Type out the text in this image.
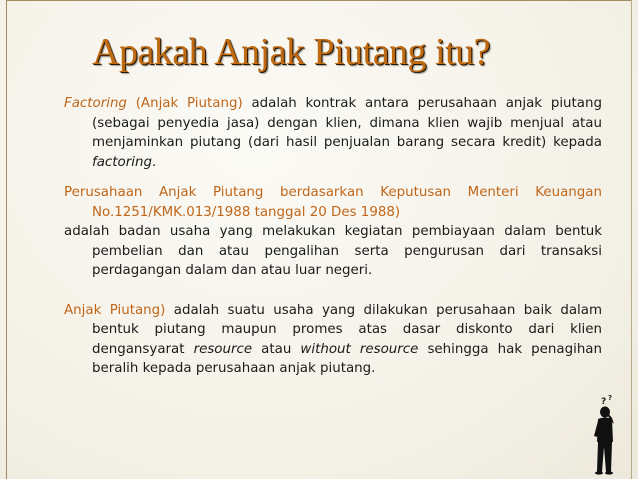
Apakah Anjak Piutang itu?

Factoring (Anjak Piutang) adalah kontrak antara perusahaan anjak piutang (sebagai penyedia jasa) dengan klien, dimana klien wajib menjual atau menjaminkan piutang (dari hasil penjualan barang secara kredit) kepada factoring.

Perusahaan Anjak Piutang berdasarkan Keputusan Menteri Keuangan No.1251/KMK.013/1988 tanggal 20 Des 1988)

adalah badan usaha yang melakukan kegiatan pembiayaan dalam bentuk pembelian dan atau pengalihan serta pengurusan dari transaksi perdagangan dalam dan atau luar negeri.

Anjak Piutang) adalah suatu usaha yang dilakukan perusahaan baik dalam bentuk piutang maupun promes atas dasar diskonto dari klien dengansyarat resource atau without resource sehingga hak penagihan beralih kepada perusahaan anjak piutang.

? ?
